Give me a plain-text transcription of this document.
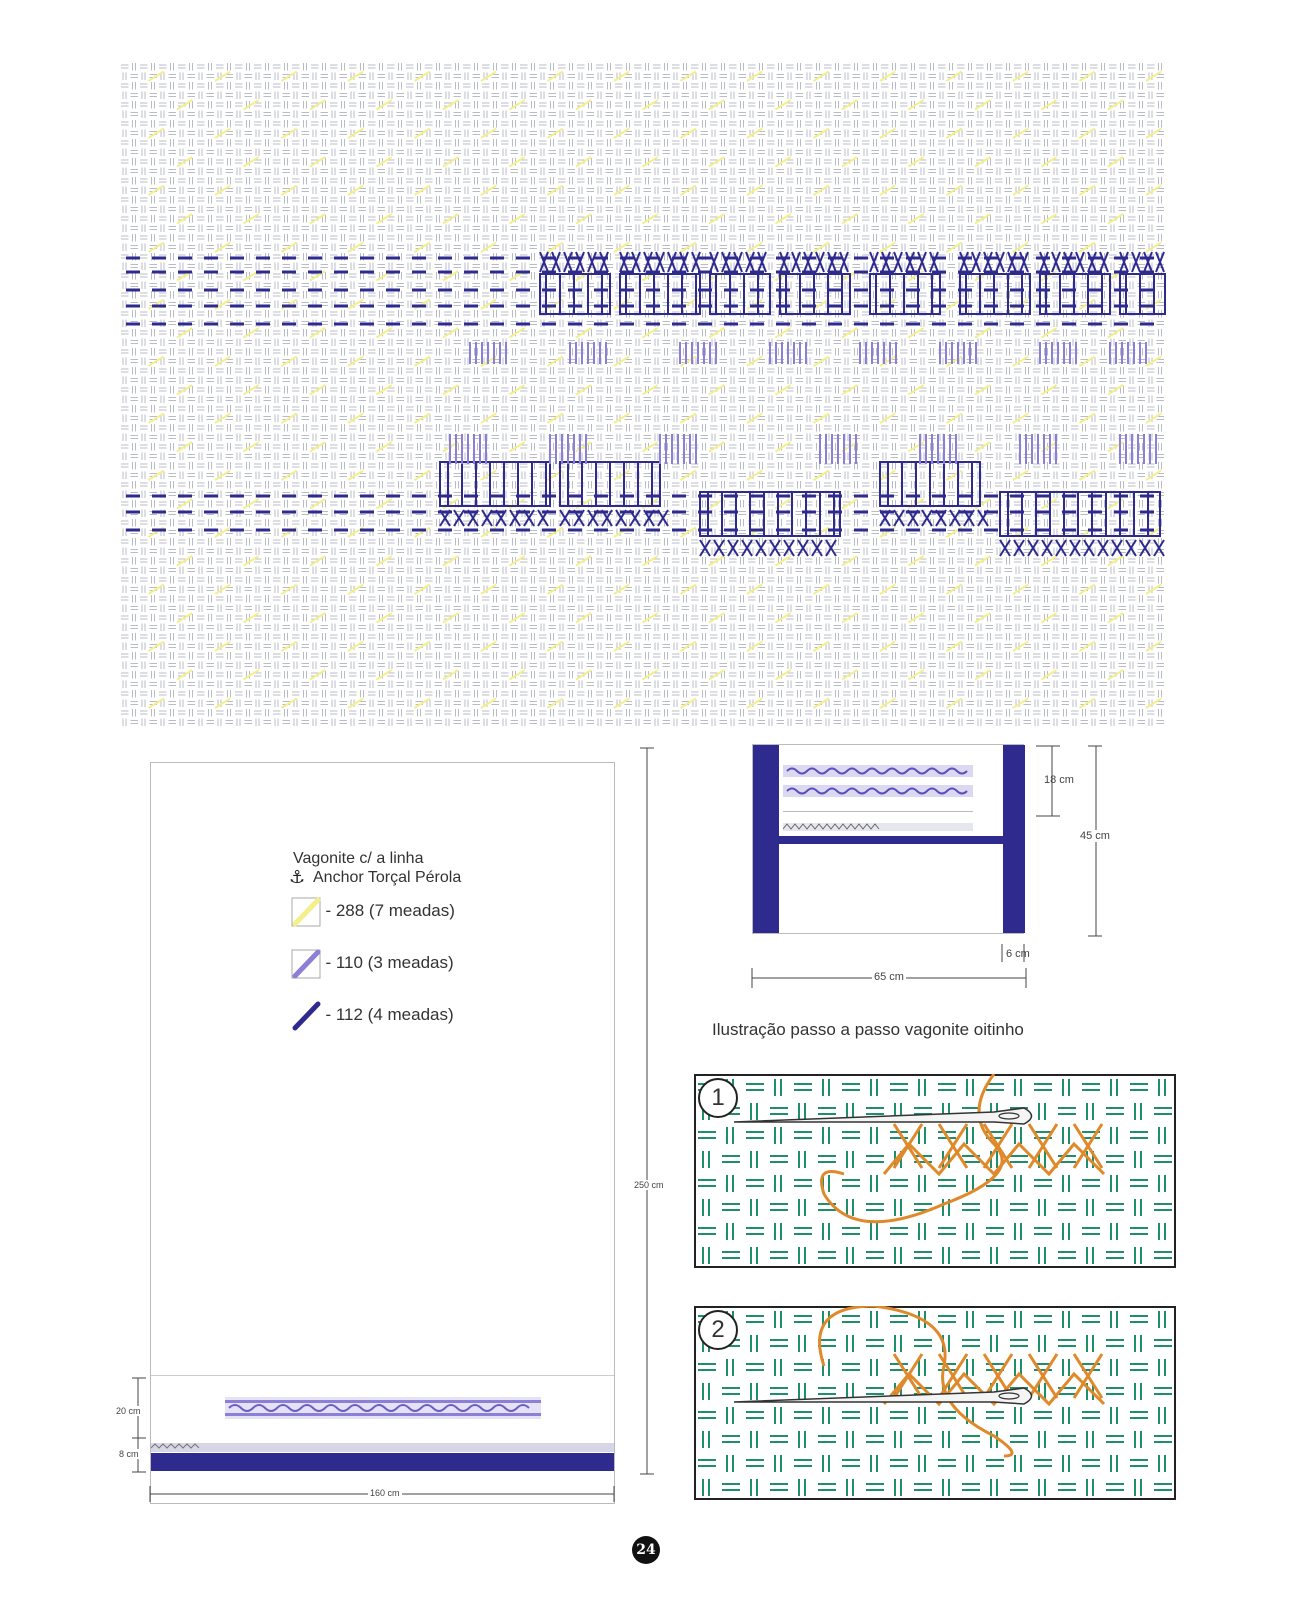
Vagonite c/ a linha
⚓ Anchor Torçal Pérola
- 288 (7 meadas)
- 110 (3 meadas)
- 112 (4 meadas)
250 cm
20 cm
8 cm
160 cm
18 cm
45 cm
6 cm
65 cm
Ilustração passo a passo vagonite oitinho
1
2
24
